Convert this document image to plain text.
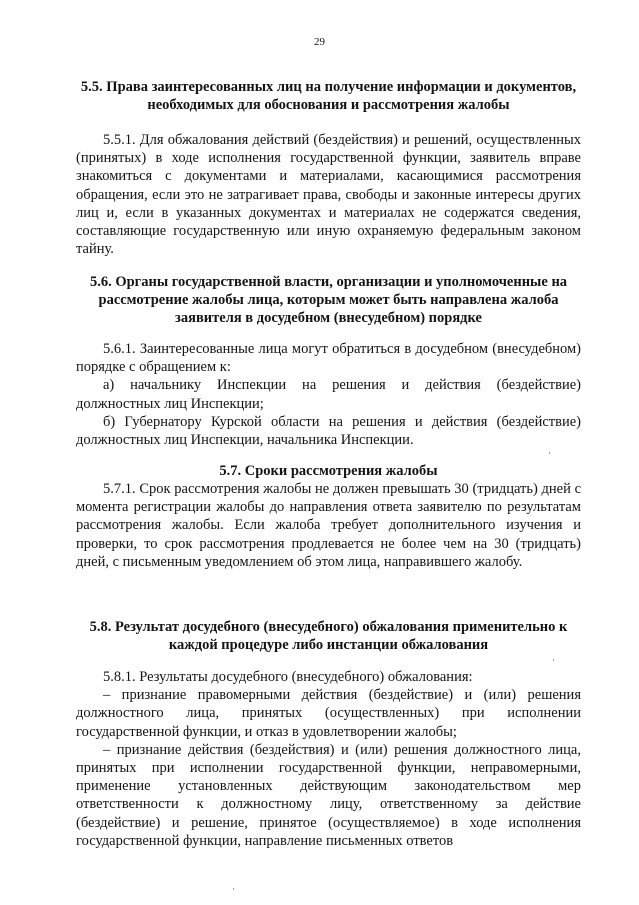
29

5.5. Права заинтересованных лиц на получение информации и документов, необходимых для обоснования и рассмотрения жалобы

5.5.1. Для обжалования действий (бездействия) и решений, осуществленных (принятых) в ходе исполнения государственной функции, заявитель вправе знакомиться с документами и материалами, касающимися рассмотрения обращения, если это не затрагивает права, свободы и законные интересы других лиц и, если в указанных документах и материалах не содержатся сведения, составляющие государственную или иную охраняемую федеральным законом тайну.

5.6. Органы государственной власти, организации и уполномоченные на рассмотрение жалобы лица, которым может быть направлена жалоба заявителя в досудебном (внесудебном) порядке

5.6.1. Заинтересованные лица могут обратиться в досудебном (внесудебном) порядке с обращением к:

а) начальнику Инспекции на решения и действия (бездействие) должностных лиц Инспекции;

б) Губернатору Курской области на решения и действия (бездействие) должностных лиц Инспекции, начальника Инспекции.

5.7. Сроки рассмотрения жалобы

5.7.1. Срок рассмотрения жалобы не должен превышать 30 (тридцать) дней с момента регистрации жалобы до направления ответа заявителю по результатам рассмотрения жалобы. Если жалоба требует дополнительного изучения и проверки, то срок рассмотрения продлевается не более чем на 30 (тридцать) дней, с письменным уведомлением об этом лица, направившего жалобу.

5.8. Результат досудебного (внесудебного) обжалования применительно к каждой процедуре либо инстанции обжалования

5.8.1. Результаты досудебного (внесудебного) обжалования:

– признание правомерными действия (бездействие) и (или) решения должностного лица, принятых (осуществленных) при исполнении государственной функции, и отказ в удовлетворении жалобы;

– признание действия (бездействия) и (или) решения должностного лица, принятых при исполнении государственной функции, неправомерными, применение установленных действующим законодательством мер ответственности к должностному лицу, ответственному за действие (бездействие) и решение, принятое (осуществляемое) в ходе исполнения государственной функции, направление письменных ответов

·
·
·
